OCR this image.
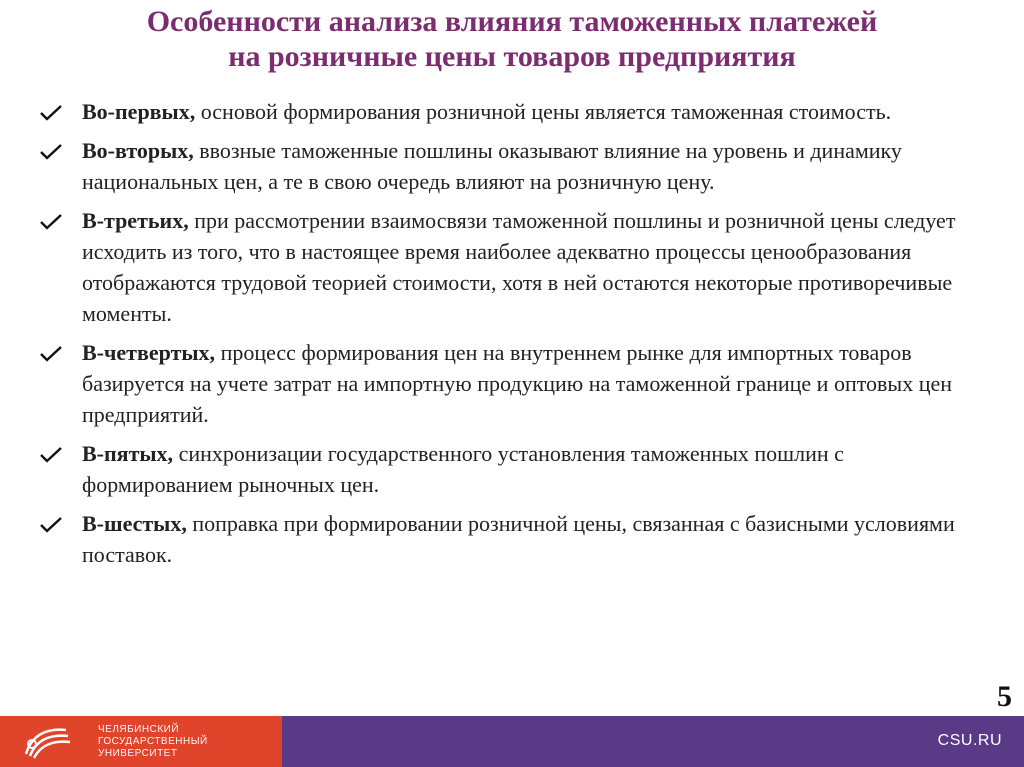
Особенности анализа влияния таможенных платежей
на розничные цены товаров предприятия
Во-первых, основой формирования розничной цены является таможенная стоимость.
Во-вторых, ввозные таможенные пошлины оказывают влияние на уровень и динамику национальных цен, а те в свою очередь влияют на розничную цену.
В-третьих, при рассмотрении взаимосвязи таможенной пошлины и розничной цены следует исходить из того, что в настоящее время наиболее адекватно процессы ценообразования отображаются трудовой теорией стоимости, хотя в ней остаются некоторые противоречивые моменты.
В-четвертых, процесс формирования цен на внутреннем рынке для импортных товаров базируется на учете затрат на импортную продукцию на таможенной границе и оптовых цен предприятий.
В-пятых, синхронизации государственного установления таможенных пошлин с формированием рыночных цен.
В-шестых, поправка при формировании розничной цены, связанная с базисными условиями поставок.
5
ЧЕЛЯБИНСКИЙ
ГОСУДАРСТВЕННЫЙ
УНИВЕРСИТЕТ
CSU.RU
